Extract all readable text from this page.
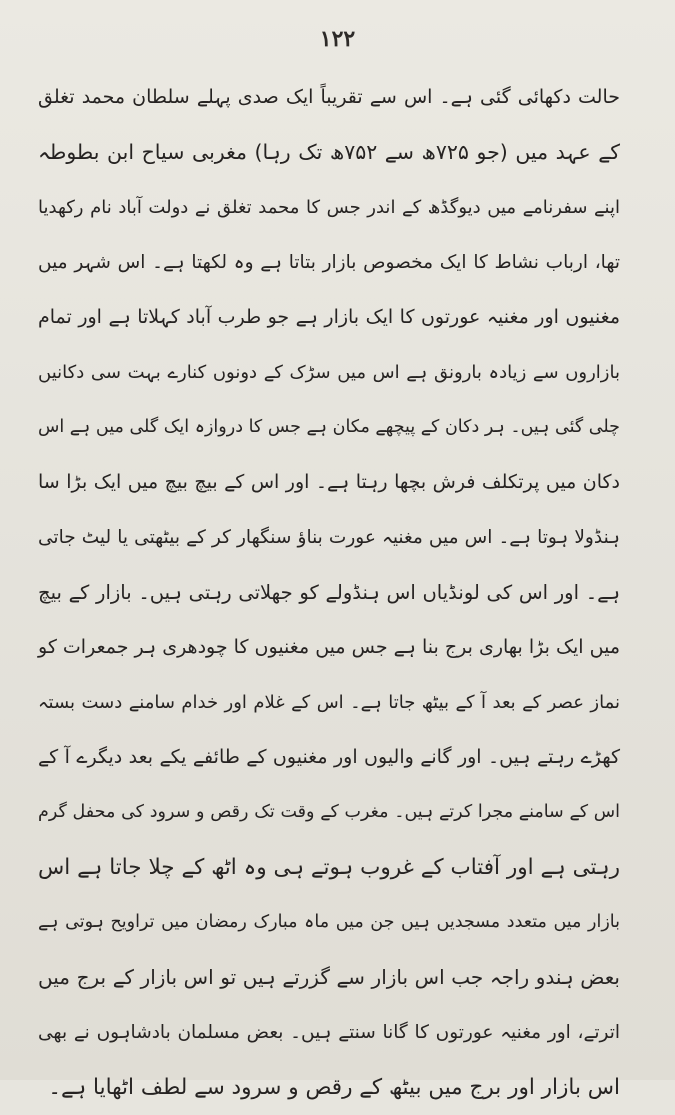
۱۲۲
حالت دکھائی گئی ہے۔ اس سے تقریباً ایک صدی پہلے سلطان محمد تغلق
کے عہد میں (جو ۷۲۵ھ سے ۷۵۲ھ تک رہا) مغربی سیاح ابن بطوطہ
اپنے سفرنامے میں دیوگڈھ کے اندر جس کا محمد تغلق نے دولت آباد نام رکھدیا
تھا، ارباب نشاط کا ایک مخصوص بازار بتاتا ہے وہ لکھتا ہے۔ اس شہر میں
مغنیوں اور مغنیہ عورتوں کا ایک بازار ہے جو طرب آباد کہلاتا ہے اور تمام
بازاروں سے زیادہ بارونق ہے اس میں سڑک کے دونوں کنارے بہت سی دکانیں
چلی گئی ہیں۔ ہر دکان کے پیچھے مکان ہے جس کا دروازہ ایک گلی میں ہے اس
دکان میں پرتکلف فرش بچھا رہتا ہے۔ اور اس کے بیچ بیچ میں ایک بڑا سا
ہنڈولا ہوتا ہے۔ اس میں مغنیہ عورت بناؤ سنگھار کر کے بیٹھتی یا لیٹ جاتی
ہے۔ اور اس کی لونڈیاں اس ہنڈولے کو جھلاتی رہتی ہیں۔ بازار کے بیچ
میں ایک بڑا بھاری برج بنا ہے جس میں مغنیوں کا چودھری ہر جمعرات کو
نماز عصر کے بعد آ کے بیٹھ جاتا ہے۔ اس کے غلام اور خدام سامنے دست بستہ
کھڑے رہتے ہیں۔ اور گانے والیوں اور مغنیوں کے طائفے یکے بعد دیگرے آ کے
اس کے سامنے مجرا کرتے ہیں۔ مغرب کے وقت تک رقص و سرود کی محفل گرم
رہتی ہے اور آفتاب کے غروب ہوتے ہی وہ اٹھ کے چلا جاتا ہے اس
بازار میں متعدد مسجدیں ہیں جن میں ماہ مبارک رمضان میں تراویح ہوتی ہے
بعض ہندو راجہ جب اس بازار سے گزرتے ہیں تو اس بازار کے برج میں
اترتے، اور مغنیہ عورتوں کا گانا سنتے ہیں۔ بعض مسلمان بادشاہوں نے بھی
اس بازار اور برج میں بیٹھ کے رقص و سرود سے لطف اٹھایا ہے۔
